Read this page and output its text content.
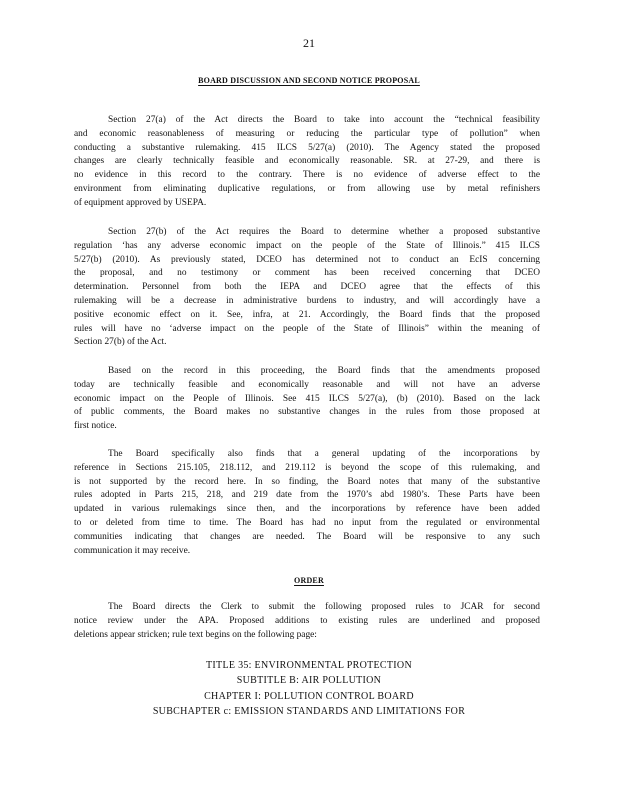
21
BOARD DISCUSSION AND SECOND NOTICE PROPOSAL
Section 27(a) of the Act directs the Board to take into account the “technical feasibility
and economic reasonableness of measuring or reducing the particular type of pollution” when
conducting a substantive rulemaking. 415 ILCS 5/27(a) (2010). The Agency stated the proposed
changes are clearly technically feasible and economically reasonable. SR. at 27-29, and there is
no evidence in this record to the contrary. There is no evidence of adverse effect to the
environment from eliminating duplicative regulations, or from allowing use by metal refinishers
of equipment approved by USEPA.
Section 27(b) of the Act requires the Board to determine whether a proposed substantive
regulation ‘has any adverse economic impact on the people of the State of Illinois.” 415 ILCS
5/27(b) (2010). As previously stated, DCEO has determined not to conduct an EcIS concerning
the proposal, and no testimony or comment has been received concerning that DCEO
determination. Personnel from both the IEPA and DCEO agree that the effects of this
rulemaking will be a decrease in administrative burdens to industry, and will accordingly have a
positive economic effect on it. See, infra, at 21. Accordingly, the Board finds that the proposed
rules will have no ‘adverse impact on the people of the State of Illinois” within the meaning of
Section 27(b) of the Act.
Based on the record in this proceeding, the Board finds that the amendments proposed
today are technically feasible and economically reasonable and will not have an adverse
economic impact on the People of Illinois. See 415 ILCS 5/27(a), (b) (2010). Based on the lack
of public comments, the Board makes no substantive changes in the rules from those proposed at
first notice.
The Board specifically also finds that a general updating of the incorporations by
reference in Sections 215.105, 218.112, and 219.112 is beyond the scope of this rulemaking, and
is not supported by the record here. In so finding, the Board notes that many of the substantive
rules adopted in Parts 215, 218, and 219 date from the 1970’s abd 1980’s. These Parts have been
updated in various rulemakings since then, and the incorporations by reference have been added
to or deleted from time to time. The Board has had no input from the regulated or environmental
communities indicating that changes are needed. The Board will be responsive to any such
communication it may receive.
ORDER
The Board directs the Clerk to submit the following proposed rules to JCAR for second
notice review under the APA. Proposed additions to existing rules are underlined and proposed
deletions appear stricken; rule text begins on the following page:
TITLE 35: ENVIRONMENTAL PROTECTION
SUBTITLE B: AIR POLLUTION
CHAPTER I: POLLUTION CONTROL BOARD
SUBCHAPTER c: EMISSION STANDARDS AND LIMITATIONS FOR
